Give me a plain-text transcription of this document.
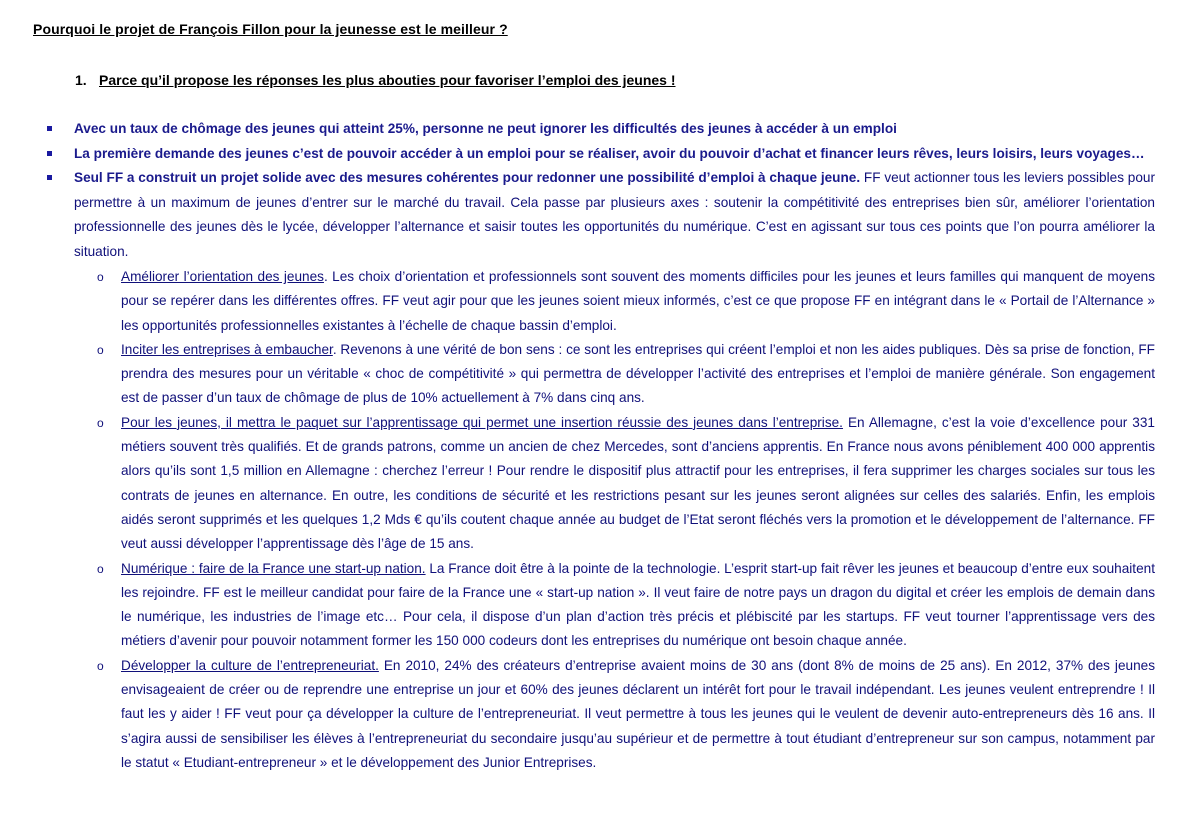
Pourquoi le projet de François Fillon pour la jeunesse est le meilleur ?
1. Parce qu’il propose les réponses les plus abouties pour favoriser l’emploi des jeunes !
Avec un taux de chômage des jeunes qui atteint 25%, personne ne peut ignorer les difficultés des jeunes à accéder à un emploi
La première demande des jeunes c’est de pouvoir accéder à un emploi pour se réaliser, avoir du pouvoir d’achat et financer leurs rêves, leurs loisirs, leurs voyages…
Seul FF a construit un projet solide avec des mesures cohérentes pour redonner une possibilité d’emploi à chaque jeune. FF veut actionner tous les leviers possibles pour permettre à un maximum de jeunes d’entrer sur le marché du travail. Cela passe par plusieurs axes : soutenir la compétitivité des entreprises bien sûr, améliorer l’orientation professionnelle des jeunes dès le lycée, développer l’alternance et saisir toutes les opportunités du numérique. C’est en agissant sur tous ces points que l’on pourra améliorer la situation.
o Améliorer l’orientation des jeunes. Les choix d’orientation et professionnels sont souvent des moments difficiles pour les jeunes et leurs familles qui manquent de moyens pour se repérer dans les différentes offres. FF veut agir pour que les jeunes soient mieux informés, c’est ce que propose FF en intégrant dans le « Portail de l’Alternance » les opportunités professionnelles existantes à l’échelle de chaque bassin d’emploi.
o Inciter les entreprises à embaucher. Revenons à une vérité de bon sens : ce sont les entreprises qui créent l’emploi et non les aides publiques. Dès sa prise de fonction, FF prendra des mesures pour un véritable « choc de compétitivité » qui permettra de développer l’activité des entreprises et l’emploi de manière générale. Son engagement est de passer d’un taux de chômage de plus de 10% actuellement à 7% dans cinq ans.
o Pour les jeunes, il mettra le paquet sur l’apprentissage qui permet une insertion réussie des jeunes dans l’entreprise. En Allemagne, c’est la voie d’excellence pour 331 métiers souvent très qualifiés. Et de grands patrons, comme un ancien de chez Mercedes, sont d’anciens apprentis. En France nous avons péniblement 400 000 apprentis alors qu’ils sont 1,5 million en Allemagne : cherchez l’erreur ! Pour rendre le dispositif plus attractif pour les entreprises, il fera supprimer les charges sociales sur tous les contrats de jeunes en alternance. En outre, les conditions de sécurité et les restrictions pesant sur les jeunes seront alignées sur celles des salariés. Enfin, les emplois aidés seront supprimés et les quelques 1,2 Mds € qu’ils coutent chaque année au budget de l’Etat seront fléchés vers la promotion et le développement de l’alternance. FF veut aussi développer l’apprentissage dès l’âge de 15 ans.
o Numérique : faire de la France une start-up nation. La France doit être à la pointe de la technologie. L’esprit start-up fait rêver les jeunes et beaucoup d’entre eux souhaitent les rejoindre. FF est le meilleur candidat pour faire de la France une « start-up nation ». Il veut faire de notre pays un dragon du digital et créer les emplois de demain dans le numérique, les industries de l’image etc… Pour cela, il dispose d’un plan d’action très précis et plébiscité par les startups. FF veut tourner l’apprentissage vers des métiers d’avenir pour pouvoir notamment former les 150 000 codeurs dont les entreprises du numérique ont besoin chaque année.
o Développer la culture de l’entrepreneuriat. En 2010, 24% des créateurs d’entreprise avaient moins de 30 ans (dont 8% de moins de 25 ans). En 2012, 37% des jeunes envisageaient de créer ou de reprendre une entreprise un jour et 60% des jeunes déclarent un intérêt fort pour le travail indépendant. Les jeunes veulent entreprendre ! Il faut les y aider ! FF veut pour ça développer la culture de l’entrepreneuriat. Il veut permettre à tous les jeunes qui le veulent de devenir auto-entrepreneurs dès 16 ans. Il s’agira aussi de sensibiliser les élèves à l’entrepreneuriat du secondaire jusqu’au supérieur et de permettre à tout étudiant d’entrepreneur sur son campus, notamment par le statut « Etudiant-entrepreneur » et le développement des Junior Entreprises.
